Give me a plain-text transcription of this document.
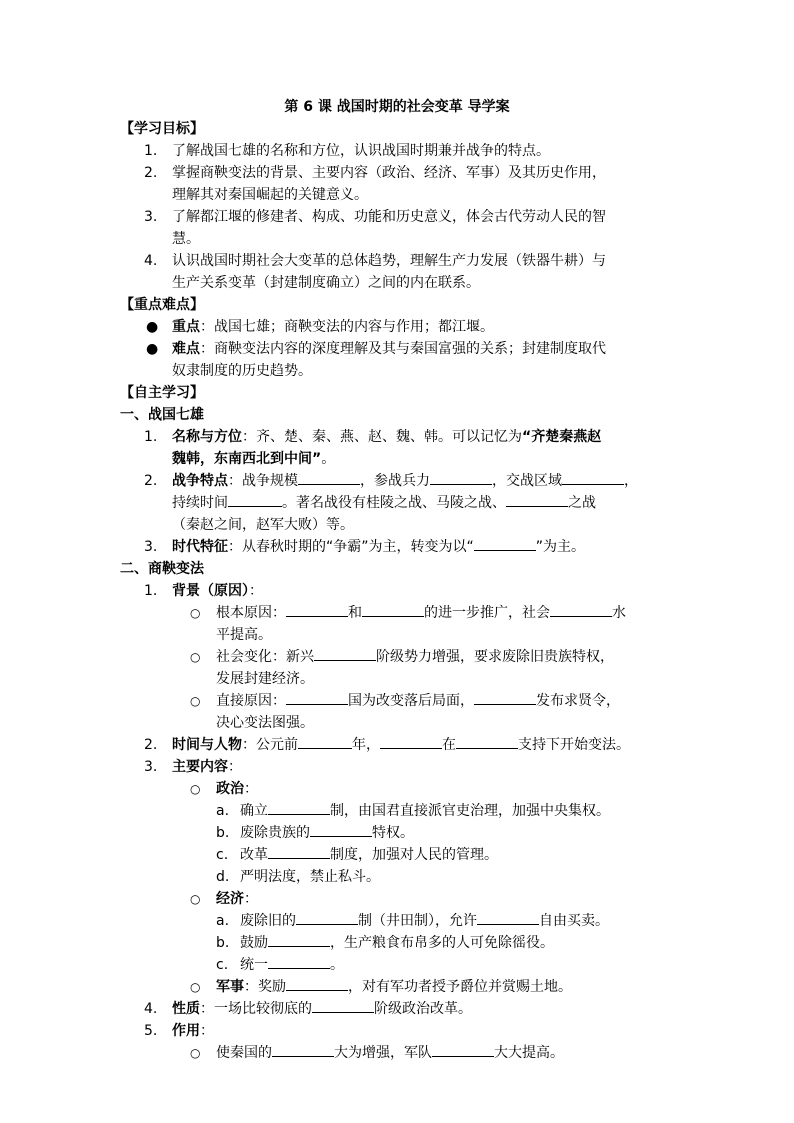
第 6 课 战国时期的社会变革 导学案
【学习目标】
1. 了解战国七雄的名称和方位，认识战国时期兼并战争的特点。
2. 掌握商鞅变法的背景、主要内容（政治、经济、军事）及其历史作用，
理解其对秦国崛起的关键意义。
3. 了解都江堰的修建者、构成、功能和历史意义，体会古代劳动人民的智
慧。
4. 认识战国时期社会大变革的总体趋势，理解生产力发展（铁器牛耕）与
生产关系变革（封建制度确立）之间的内在联系。
【重点难点】
● 重点：战国七雄；商鞅变法的内容与作用；都江堰。
● 难点：商鞅变法内容的深度理解及其与秦国富强的关系；封建制度取代
奴隶制度的历史趋势。
【自主学习】
一、战国七雄
1. 名称与方位：齐、楚、秦、燕、赵、魏、韩。可以记忆为“齐楚秦燕赵
魏韩，东南西北到中间”。
2. 战争特点：战争规模	，参战兵力	，交战区域	，
持续时间	。著名战役有桂陵之战、马陵之战、	之战
（秦赵之间，赵军大败）等。
3. 时代特征：从春秋时期的“争霸”为主，转变为以“	”为主。
二、商鞅变法
1. 背景（原因）：
○ 根本原因：	和	的进一步推广，社会	水
平提高。
○ 社会变化：新兴	阶级势力增强，要求废除旧贵族特权，
发展封建经济。
○ 直接原因：	国为改变落后局面，	发布求贤令，
决心变法图强。
2. 时间与人物：公元前	年，	在	支持下开始变法。
3. 主要内容：
○ 政治：
a. 确立	制，由国君直接派官吏治理，加强中央集权。
b. 废除贵族的	特权。
c. 改革	制度，加强对人民的管理。
d. 严明法度，禁止私斗。
○ 经济：
a. 废除旧的	制（井田制），允许	自由买卖。
b. 鼓励	，生产粮食布帛多的人可免除徭役。
c. 统一	。
○ 军事：奖励	，对有军功者授予爵位并赏赐土地。
4. 性质：一场比较彻底的	阶级政治改革。
5. 作用：
○ 使秦国的	大为增强，军队	大大提高。
